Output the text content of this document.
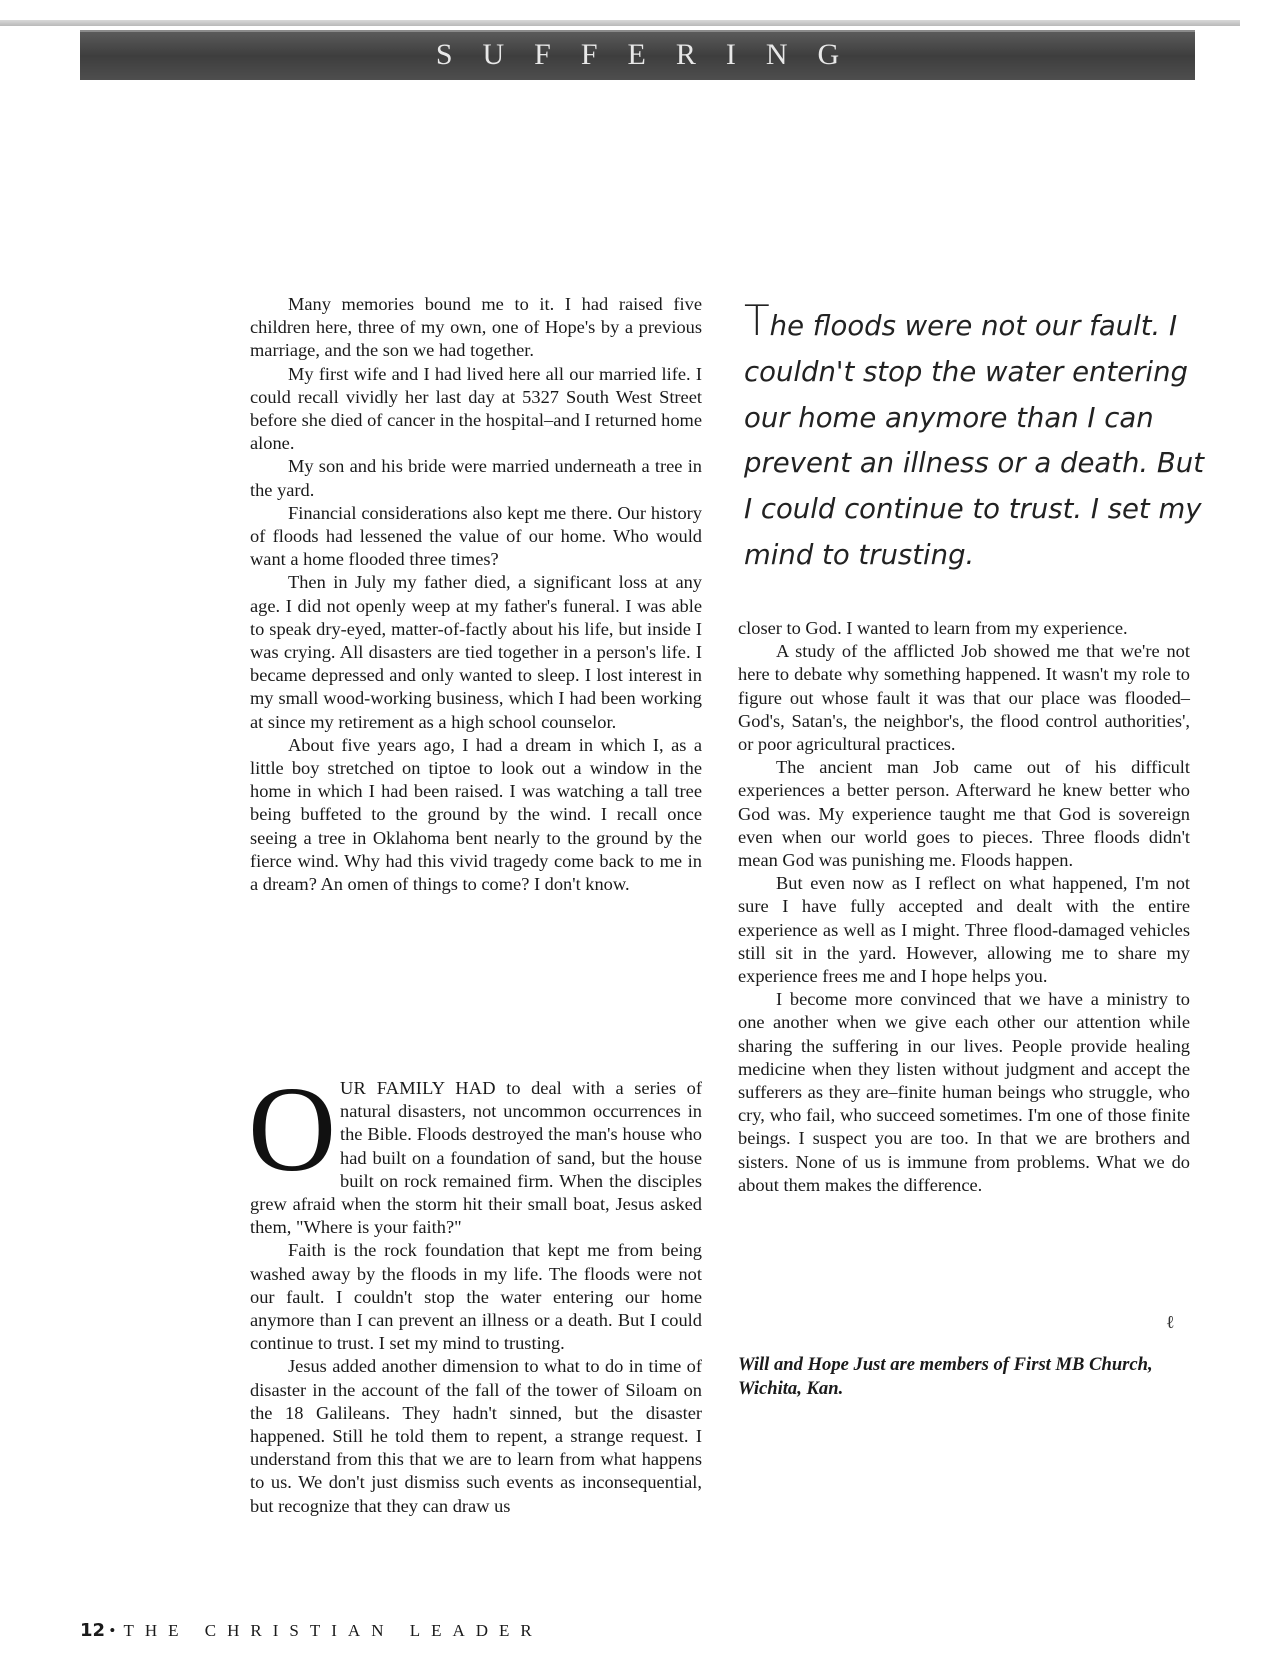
SUFFERING

Many memories bound me to it. I had raised five children here, three of my own, one of Hope's by a previous marriage, and the son we had together.

My first wife and I had lived here all our married life. I could recall vividly her last day at 5327 South West Street before she died of cancer in the hospital–and I returned home alone.

My son and his bride were married underneath a tree in the yard.

Financial considerations also kept me there. Our history of floods had lessened the value of our home. Who would want a home flooded three times?

Then in July my father died, a significant loss at any age. I did not openly weep at my father's funeral. I was able to speak dry-eyed, matter-of-factly about his life, but inside I was crying. All disasters are tied together in a person's life. I became depressed and only wanted to sleep. I lost interest in my small wood-working business, which I had been working at since my retirement as a high school counselor.

About five years ago, I had a dream in which I, as a little boy stretched on tiptoe to look out a window in the home in which I had been raised. I was watching a tall tree being buffeted to the ground by the wind. I recall once seeing a tree in Oklahoma bent nearly to the ground by the fierce wind. Why had this vivid tragedy come back to me in a dream? An omen of things to come? I don't know.

The floods were not our fault. I couldn't stop the water entering our home anymore than I can prevent an illness or a death. But I could continue to trust. I set my mind to trusting.

OUR FAMILY HAD to deal with a series of natural disasters, not uncommon occurrences in the Bible. Floods destroyed the man's house who had built on a foundation of sand, but the house built on rock remained firm. When the disciples grew afraid when the storm hit their small boat, Jesus asked them, "Where is your faith?"

Faith is the rock foundation that kept me from being washed away by the floods in my life. The floods were not our fault. I couldn't stop the water entering our home anymore than I can prevent an illness or a death. But I could continue to trust. I set my mind to trusting.

Jesus added another dimension to what to do in time of disaster in the account of the fall of the tower of Siloam on the 18 Galileans. They hadn't sinned, but the disaster happened. Still he told them to repent, a strange request. I understand from this that we are to learn from what happens to us. We don't just dismiss such events as inconsequential, but recognize that they can draw us

closer to God. I wanted to learn from my experience.

A study of the afflicted Job showed me that we're not here to debate why something happened. It wasn't my role to figure out whose fault it was that our place was flooded–God's, Satan's, the neighbor's, the flood control authorities', or poor agricultural practices.

The ancient man Job came out of his difficult experiences a better person. Afterward he knew better who God was. My experience taught me that God is sovereign even when our world goes to pieces. Three floods didn't mean God was punishing me. Floods happen.

But even now as I reflect on what happened, I'm not sure I have fully accepted and dealt with the entire experience as well as I might. Three flood-damaged vehicles still sit in the yard. However, allowing me to share my experience frees me and I hope helps you.

I become more convinced that we have a ministry to one another when we give each other our attention while sharing the suffering in our lives. People provide healing medicine when they listen without judgment and accept the sufferers as they are–finite human beings who struggle, who cry, who fail, who succeed sometimes. I'm one of those finite beings. I suspect you are too. In that we are brothers and sisters. None of us is immune from problems. What we do about them makes the difference.

ℓ
Will and Hope Just are members of First MB Church, Wichita, Kan.
12 • THE CHRISTIAN LEADER
